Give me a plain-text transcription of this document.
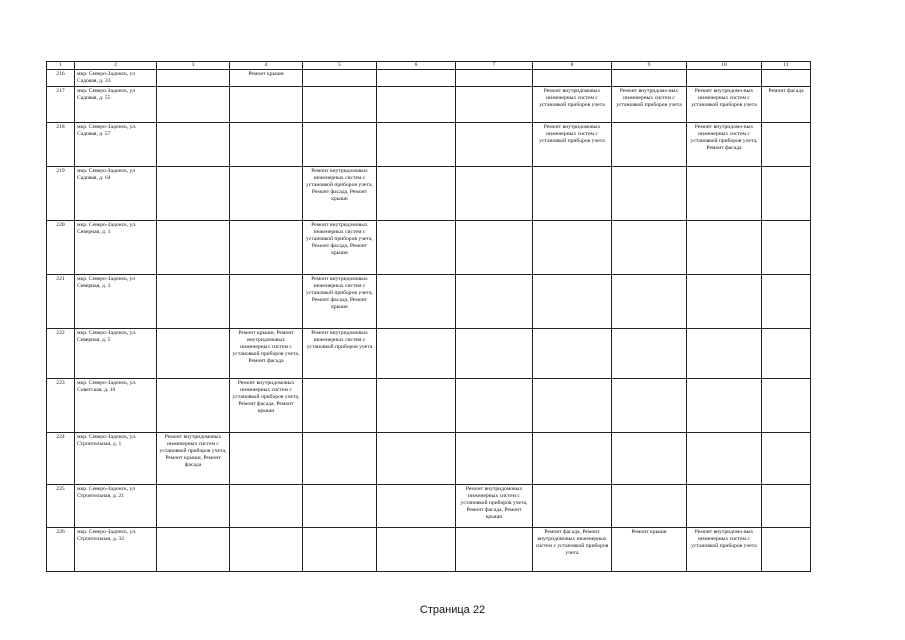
1	2	3	4	5	6	7	8	9	10	11
216	мкр. Северо-Задонск, ул Садовая, д. 33		Ремонт крыши							
217	мкр. Северо-Задонск, ул Садовая, д. 55						Ремонт внутридомовых инженерных систем с установкой приборов учета	Ремонт внутридомо-вых инженерных систем с установкой приборов учета	Ремонт внутридомо-вых инженерных систем с установкой приборов учета	Ремонт фасада
218	мкр. Северо-Задонск, ул. Садовая, д. 57						Ремонт внутридомовых инженерных систем с установкой приборов учета		Ремонт внутридомо-вых инженерных систем с установкой приборов учета, Ремонт фасада	
219	мкр. Северо-Задонск, ул Садовая, д. 64			Ремонт внутридомовых инженерных систем с установкой приборов учета, Ремонт фасада, Ремонт крыши						
220	мкр. Северо-Задонск, ул. Северная, д. 1			Ремонт внутридомовых инженерных систем с установкой приборов учета, Ремонт фасада, Ремонт крыши						
221	мкр. Северо-Задонск, ул Северная, д. 3			Ремонт внутридомовых инженерных систем с установкой приборов учета, Ремонт фасада, Ремонт крыши						
222	мкр. Северо-Задонск, ул. Северная, д. 5		Ремонт крыши, Ремонт внутридомовых инженерных систем с установкой приборов учета, Ремонт фасада	Ремонт внутридомовых инженерных систем с установкой приборов учета						
223	мкр. Северо-Задонск, ул. Советская, д. 10		Ремонт внутридомовых инженерных систем с установкой приборов учета, Ремонт фасада, Ремонт крыши							
224	мкр. Северо-Задонск, ул. Строительная, д. 1	Ремонт внутридомовых инженерных систем с установкой приборов учета, Ремонт крыши, Ремонт фасада								
225	мкр. Северо-Задонск, ул Строительная, д. 21					Ремонт внутридомовых инженерных систем с установкой приборов учета, Ремонт фасада, Ремонт крыши				
226	мкр. Северо-Задонск, ул. Строительная, д. 32						Ремонт фасада, Ремонт внутридомовых инженерных систем с установкой приборов учета	Ремонт крыши	Ремонт внутридомо-вых инженерных систем с установкой приборов учета	
Страница 22
